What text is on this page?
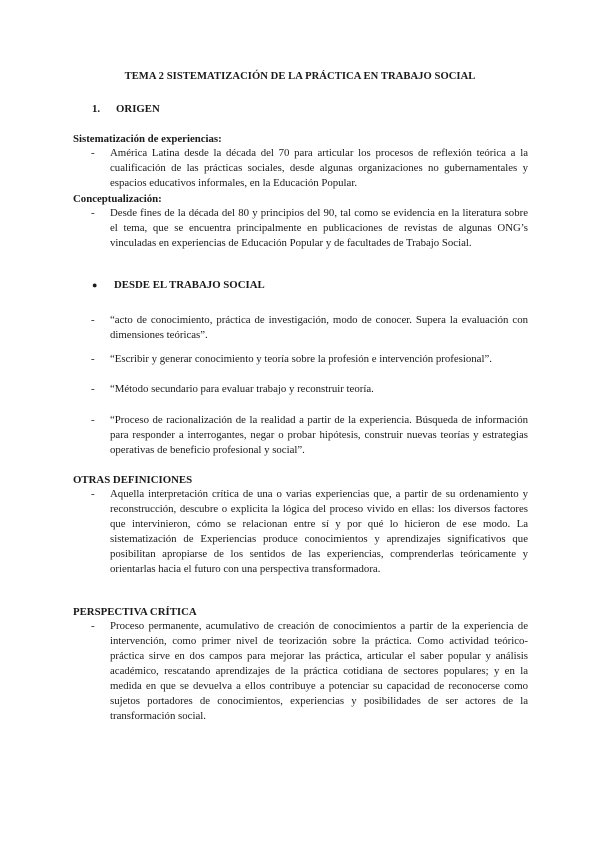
TEMA 2 SISTEMATIZACIÓN DE LA PRÁCTICA EN TRABAJO SOCIAL
1. ORIGEN
Sistematización de experiencias:
- América Latina desde la década del 70 para articular los procesos de reflexión teórica a la cualificación de las prácticas sociales, desde algunas organizaciones no gubernamentales y espacios educativos informales, en la Educación Popular.
Conceptualización:
- Desde fines de la década del 80 y principios del 90, tal como se evidencia en la literatura sobre el tema, que se encuentra principalmente en publicaciones de revistas de algunas ONG’s vinculadas en experiencias de Educación Popular y de facultades de Trabajo Social.
● DESDE EL TRABAJO SOCIAL
- “acto de conocimiento, práctica de investigación, modo de conocer. Supera la evaluación con dimensiones teóricas”.
- “Escribir y generar conocimiento y teoría sobre la profesión e intervención profesional”.
- “Método secundario para evaluar trabajo y reconstruir teoría.
- “Proceso de racionalización de la realidad a partir de la experiencia. Búsqueda de información para responder a interrogantes, negar o probar hipótesis, construir nuevas teorías y estrategias operativas de beneficio profesional y social”.
OTRAS DEFINICIONES
- Aquella interpretación crítica de una o varias experiencias que, a partir de su ordenamiento y reconstrucción, descubre o explicita la lógica del proceso vivido en ellas: los diversos factores que intervinieron, cómo se relacionan entre sí y por qué lo hicieron de ese modo. La sistematización de Experiencias produce conocimientos y aprendizajes significativos que posibilitan apropiarse de los sentidos de las experiencias, comprenderlas teóricamente y orientarlas hacia el futuro con una perspectiva transformadora.
PERSPECTIVA CRÍTICA
- Proceso permanente, acumulativo de creación de conocimientos a partir de la experiencia de intervención, como primer nivel de teorización sobre la práctica. Como actividad teórico-práctica sirve en dos campos para mejorar las práctica, articular el saber popular y análisis académico, rescatando aprendizajes de la práctica cotidiana de sectores populares; y en la medida en que se devuelva a ellos contribuye a potenciar su capacidad de reconocerse como sujetos portadores de conocimientos, experiencias y posibilidades de ser actores de la transformación social.
